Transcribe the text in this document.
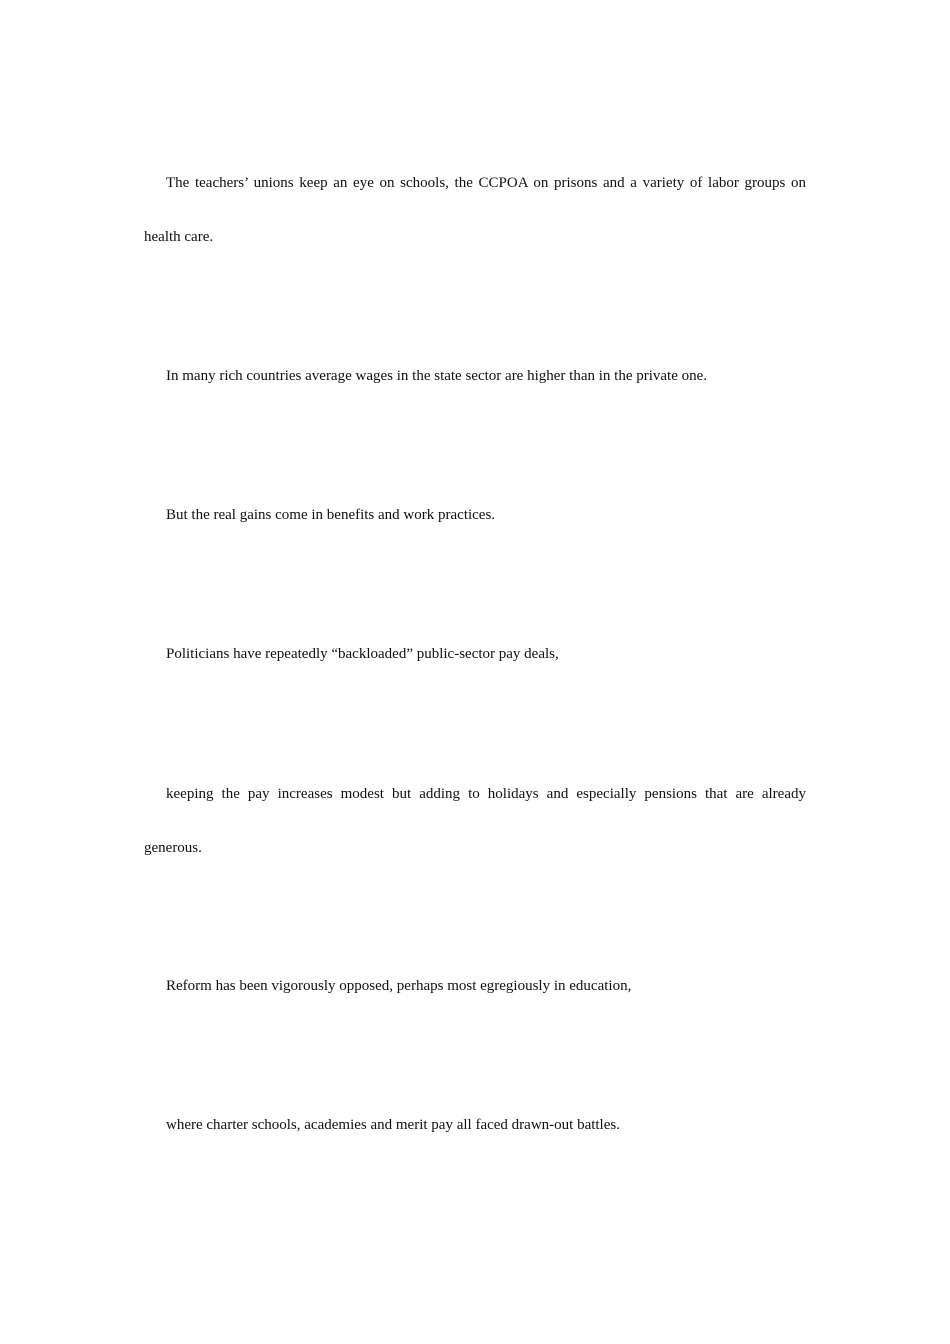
The teachers’ unions keep an eye on schools, the CCPOA on prisons and a variety of labor groups on health care.

In many rich countries average wages in the state sector are higher than in the private one.

But the real gains come in benefits and work practices.

Politicians have repeatedly “backloaded” public-sector pay deals,

keeping the pay increases modest but adding to holidays and especially pensions that are already generous.

Reform has been vigorously opposed, perhaps most egregiously in education,

where charter schools, academies and merit pay all faced drawn-out battles.
